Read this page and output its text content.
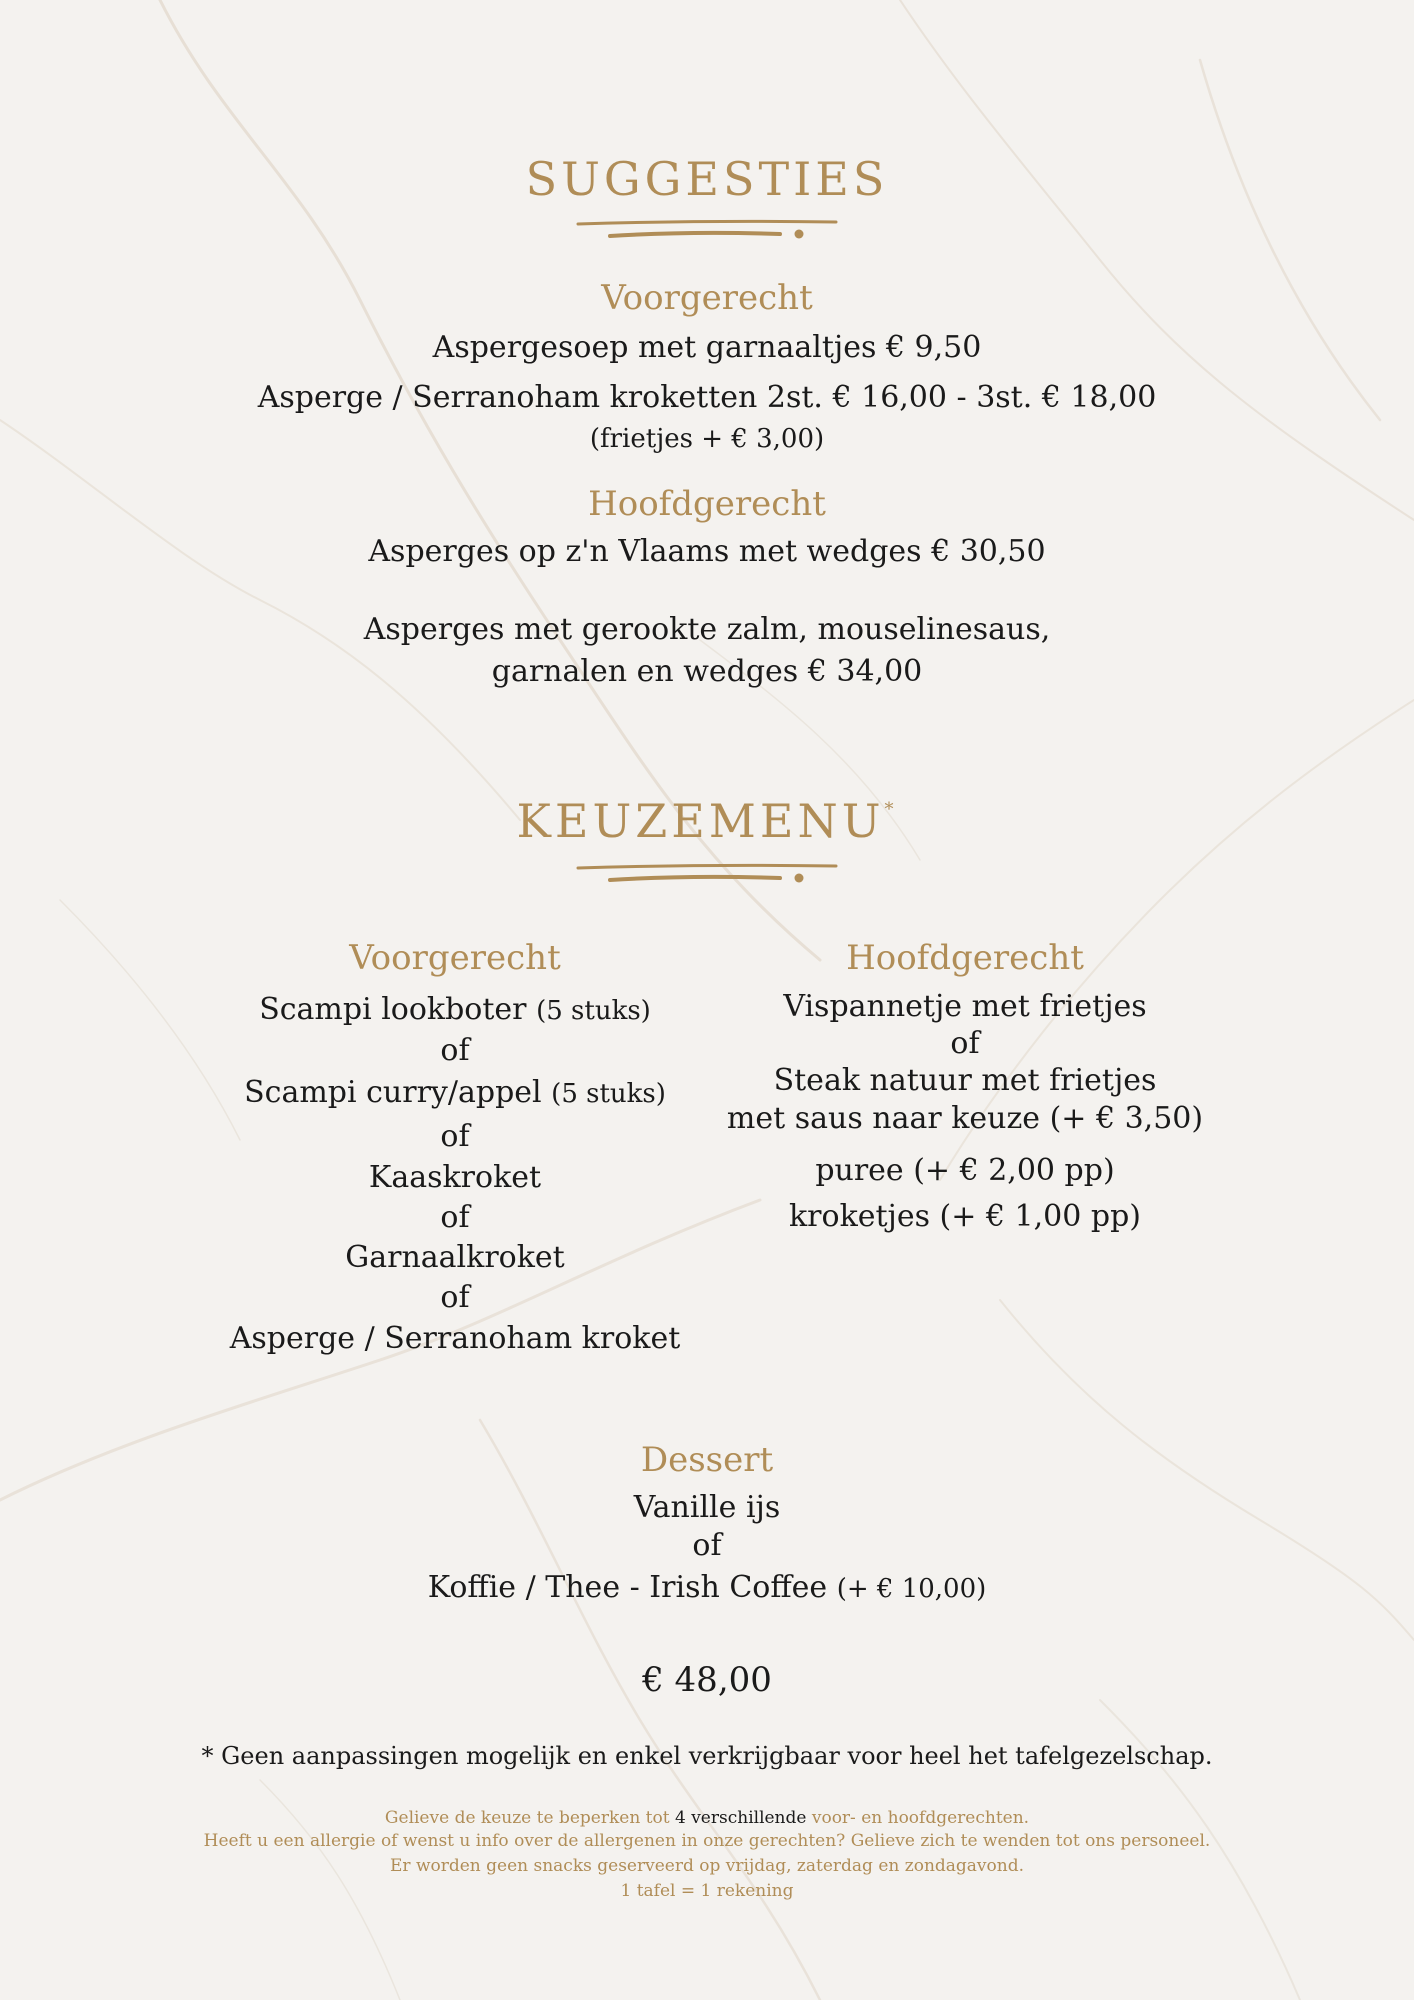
SUGGESTIES
Voorgerecht
Aspergesoep met garnaaltjes € 9,50
Asperge / Serranoham kroketten 2st. € 16,00 - 3st. € 18,00
(frietjes + € 3,00)
Hoofdgerecht
Asperges op z'n Vlaams met wedges € 30,50
Asperges met gerookte zalm, mouselinesaus,
garnalen en wedges € 34,00
KEUZEMENU*
Voorgerecht
Scampi lookboter (5 stuks)
of
Scampi curry/appel (5 stuks)
of
Kaaskroket
of
Garnaalkroket
of
Asperge / Serranoham kroket
Hoofdgerecht
Vispannetje met frietjes
of
Steak natuur met frietjes
met saus naar keuze (+ € 3,50)
puree (+ € 2,00 pp)
kroketjes (+ € 1,00 pp)
Dessert
Vanille ijs
of
Koffie / Thee - Irish Coffee (+ € 10,00)
€ 48,00
* Geen aanpassingen mogelijk en enkel verkrijgbaar voor heel het tafelgezelschap.
Gelieve de keuze te beperken tot 4 verschillende voor- en hoofdgerechten.
Heeft u een allergie of wenst u info over de allergenen in onze gerechten? Gelieve zich te wenden tot ons personeel.
Er worden geen snacks geserveerd op vrijdag, zaterdag en zondagavond.
1 tafel = 1 rekening
